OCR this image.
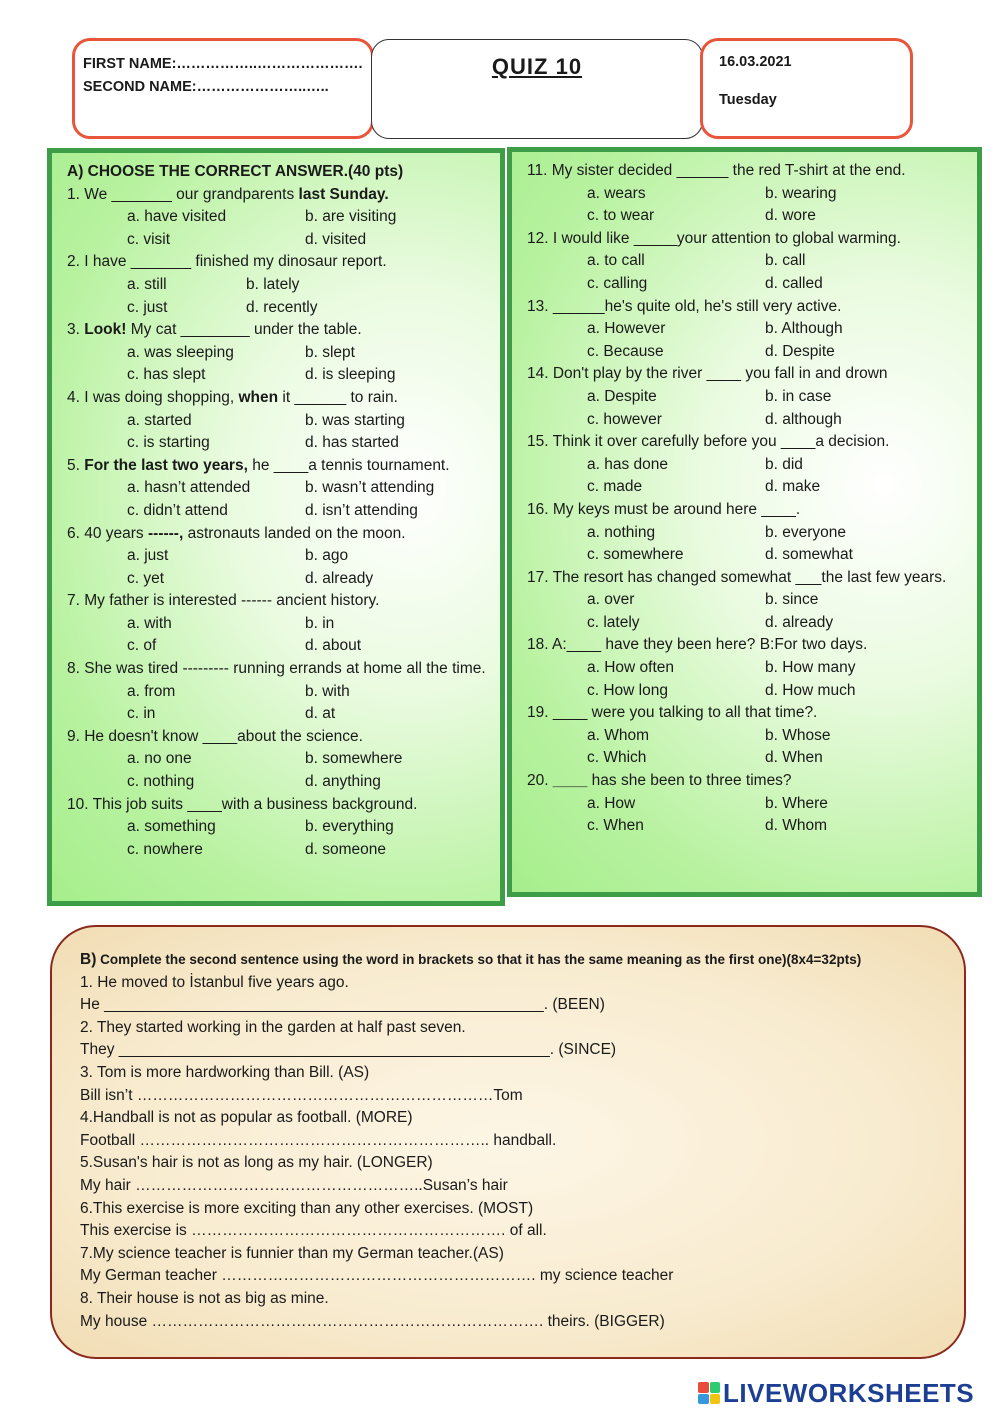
FIRST NAME:……………..………………….
SECOND NAME:…………………..…..
QUIZ 10	16.03.2021
Tuesday
A) CHOOSE THE CORRECT ANSWER.(40 pts)
1. We _______ our grandparents last Sunday.
a. have visited	b. are visiting
c. visit	d. visited
2. I have _______ finished my dinosaur report.
a. still	b. lately
c. just	d. recently
3. Look! My cat ________ under the table.
a. was sleeping	b. slept
c. has slept	d. is sleeping
4. I was doing shopping, when it ______ to rain.
a. started	b. was starting
c. is starting	d. has started
5. For the last two years, he ____a tennis tournament.
a. hasn’t attended	b. wasn’t attending
c. didn’t attend	d. isn’t attending
6. 40 years ------, astronauts landed on the moon.
a. just	b. ago
c. yet	d. already
7. My father is interested ------ ancient history.
a. with	b. in
c. of	d. about
8. She was tired --------- running errands at home all the time.
a. from	b. with
c. in	d. at
9. He doesn't know ____about the science.
a. no one	b. somewhere
c. nothing	d. anything
10. This job suits ____with a business background.
a. something	b. everything
c. nowhere	d. someone
11. My sister decided ______ the red T-shirt at the end.
a. wears	b. wearing
c. to wear	d. wore
12. I would like _____your attention to global warming.
a. to call	b. call
c. calling	d. called
13. ______he's quite old, he's still very active.
a. However	b. Although
c. Because	d. Despite
14. Don't play by the river ____ you fall in and drown
a. Despite	b. in case
c. however	d. although
15. Think it over carefully before you ____a decision.
a. has done	b. did
c. made	d. make
16. My keys must be around here ____.
a. nothing	b. everyone
c. somewhere	d. somewhat
17. The resort has changed somewhat ___the last few years.
a. over	b. since
c. lately	d. already
18. A:____ have they been here? B:For two days.
a. How often	b. How many
c. How long	d. How much
19. ____ were you talking to all that time?.
a. Whom	b. Whose
c. Which	d. When
20. ____ has she been to three times?
a. How	b. Where
c. When	d. Whom
B) Complete the second sentence using the word in brackets so that it has the same meaning as the first one)(8x4=32pts)
1. He moved to İstanbul five years ago.
He ___________________________________________________. (BEEN)
2. They started working in the garden at half past seven.
They __________________________________________________. (SINCE)
3. Tom is more hardworking than Bill. (AS)
Bill isn’t ……………………………………………………………Tom
4.Handball is not as popular as football. (MORE)
Football ………………………………………………………….. handball.
5.Susan's hair is not as long as my hair. (LONGER)
My hair ………………………………………………..Susan’s hair
6.This exercise is more exciting than any other exercises. (MOST)
This exercise is ……………………………………………………. of all.
7.My science teacher is funnier than my German teacher.(AS)
My German teacher ……………………………………………………. my science teacher
8. Their house is not as big as mine.
My house …………………………………………………………………. theirs. (BIGGER)
LIVEWORKSHEETS
